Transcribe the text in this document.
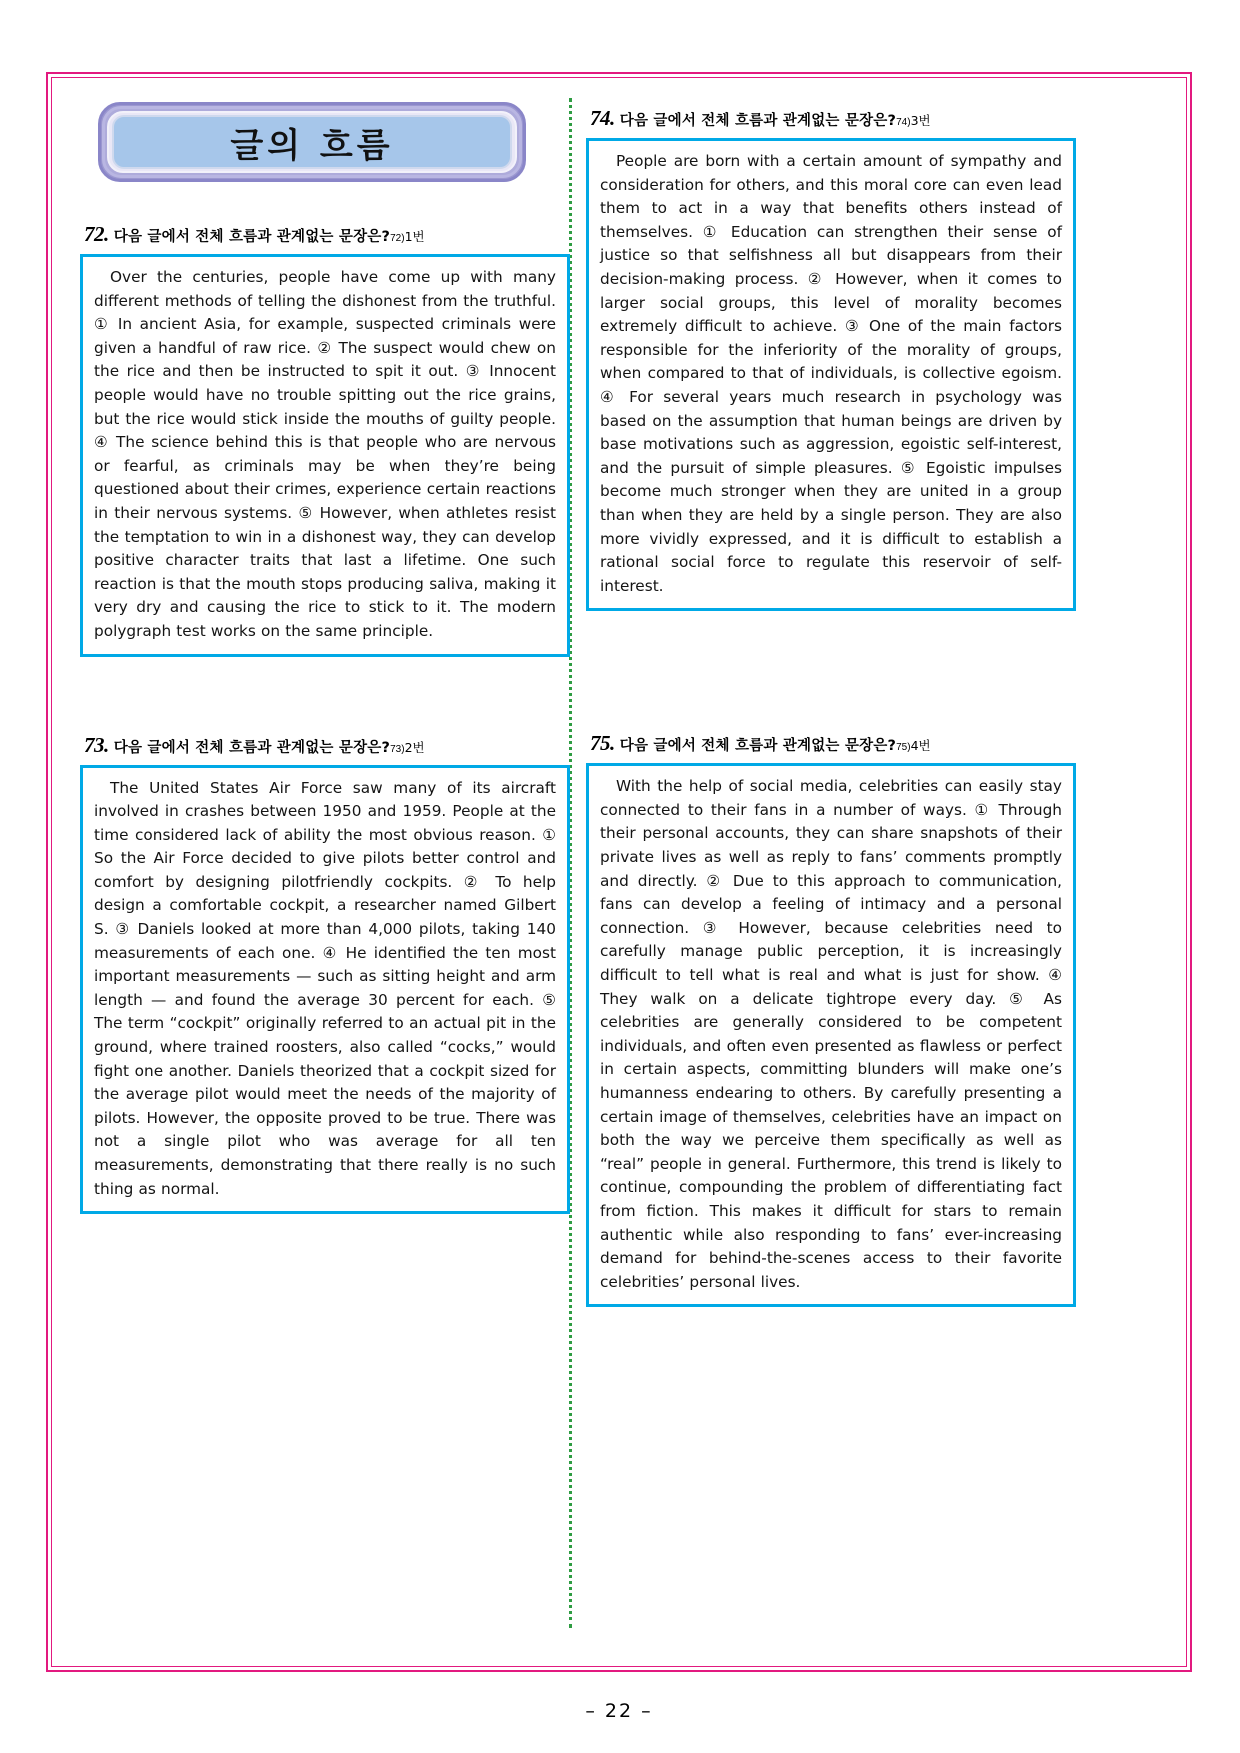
글의 흐름
72. 다음 글에서 전체 흐름과 관계없는 문장은? 72) 1번

Over the centuries, people have come up with many different methods of telling the dishonest from the truthful. ① In ancient Asia, for example, suspected criminals were given a handful of raw rice. ② The suspect would chew on the rice and then be instructed to spit it out. ③ Innocent people would have no trouble spitting out the rice grains, but the rice would stick inside the mouths of guilty people. ④ The science behind this is that people who are nervous or fearful, as criminals may be when they’re being questioned about their crimes, experience certain reactions in their nervous systems. ⑤ However, when athletes resist the temptation to win in a dishonest way, they can develop positive character traits that last a lifetime. One such reaction is that the mouth stops producing saliva, making it very dry and causing the rice to stick to it. The modern polygraph test works on the same principle.

73. 다음 글에서 전체 흐름과 관계없는 문장은? 73) 2번

The United States Air Force saw many of its aircraft involved in crashes between 1950 and 1959. People at the time considered lack of ability the most obvious reason. ① So the Air Force decided to give pilots better control and comfort by designing pilotfriendly cockpits. ② To help design a comfortable cockpit, a researcher named Gilbert S. ③ Daniels looked at more than 4,000 pilots, taking 140 measurements of each one. ④ He identified the ten most important measurements — such as sitting height and arm length — and found the average 30 percent for each. ⑤ The term “cockpit” originally referred to an actual pit in the ground, where trained roosters, also called “cocks,” would fight one another. Daniels theorized that a cockpit sized for the average pilot would meet the needs of the majority of pilots. However, the opposite proved to be true. There was not a single pilot who was average for all ten measurements, demonstrating that there really is no such thing as normal.

74. 다음 글에서 전체 흐름과 관계없는 문장은? 74) 3번

People are born with a certain amount of sympathy and consideration for others, and this moral core can even lead them to act in a way that benefits others instead of themselves. ① Education can strengthen their sense of justice so that selfishness all but disappears from their decision-making process. ② However, when it comes to larger social groups, this level of morality becomes extremely difficult to achieve. ③ One of the main factors responsible for the inferiority of the morality of groups, when compared to that of individuals, is collective egoism. ④ For several years much research in psychology was based on the assumption that human beings are driven by base motivations such as aggression, egoistic self-interest, and the pursuit of simple pleasures. ⑤ Egoistic impulses become much stronger when they are united in a group than when they are held by a single person. They are also more vividly expressed, and it is difficult to establish a rational social force to regulate this reservoir of self-interest.

75. 다음 글에서 전체 흐름과 관계없는 문장은? 75) 4번

With the help of social media, celebrities can easily stay connected to their fans in a number of ways. ① Through their personal accounts, they can share snapshots of their private lives as well as reply to fans’ comments promptly and directly. ② Due to this approach to communication, fans can develop a feeling of intimacy and a personal connection. ③ However, because celebrities need to carefully manage public perception, it is increasingly difficult to tell what is real and what is just for show. ④ They walk on a delicate tightrope every day. ⑤ As celebrities are generally considered to be competent individuals, and often even presented as flawless or perfect in certain aspects, committing blunders will make one’s humanness endearing to others. By carefully presenting a certain image of themselves, celebrities have an impact on both the way we perceive them specifically as well as “real” people in general. Furthermore, this trend is likely to continue, compounding the problem of differentiating fact from fiction. This makes it difficult for stars to remain authentic while also responding to fans’ ever-increasing demand for behind-the-scenes access to their favorite celebrities’ personal lives.

– 22 –
